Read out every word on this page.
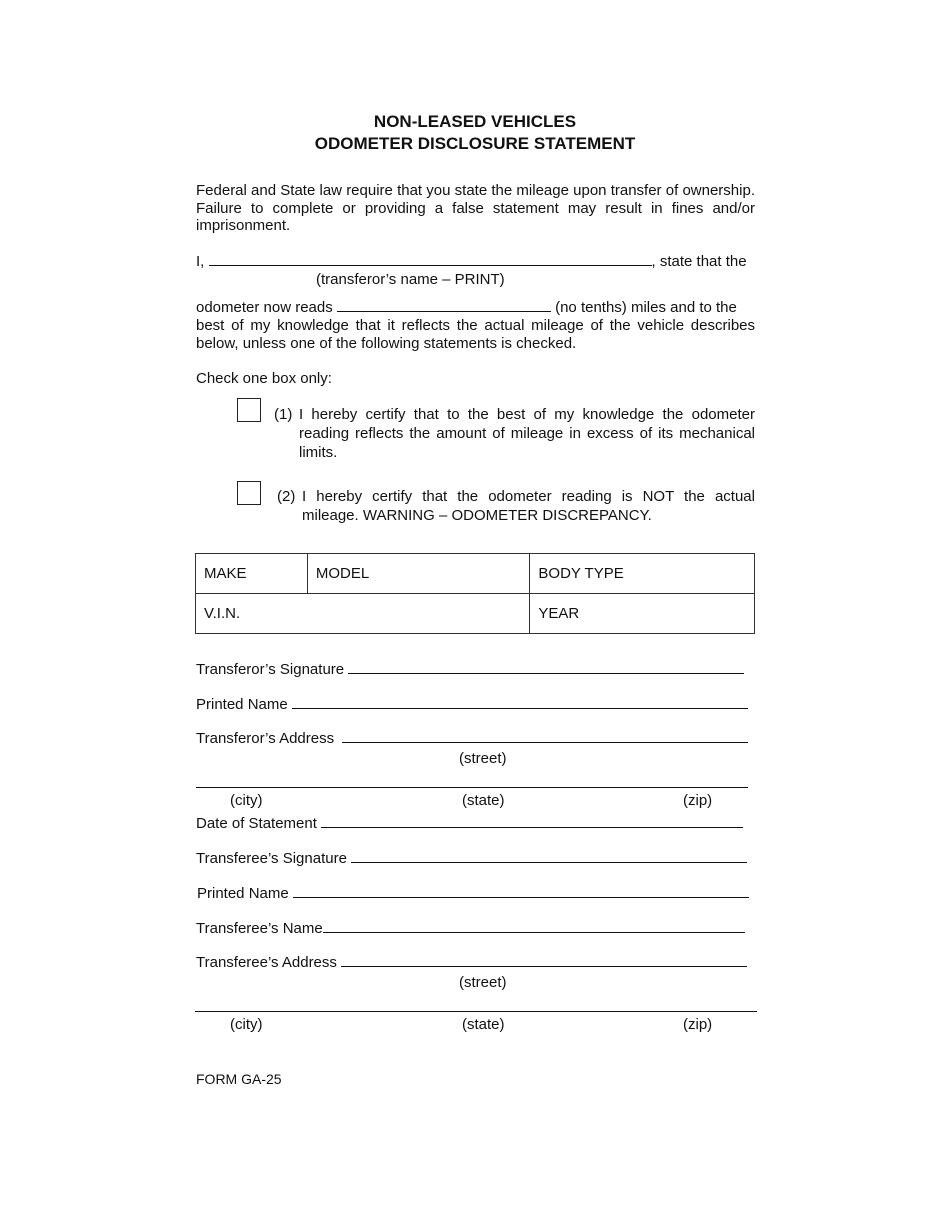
NON-LEASED VEHICLES
ODOMETER DISCLOSURE STATEMENT

Federal and State law require that you state the mileage upon transfer of ownership. Failure to complete or providing a false statement may result in fines and/or imprisonment.

I,	, state that the
(transferor’s name – PRINT)
odometer now reads	(no tenths) miles and to the

best of my knowledge that it reflects the actual mileage of the vehicle describes below, unless one of the following statements is checked.

Check one box only:
(1) I hereby certify that to the best of my knowledge the odometer reading reflects the amount of mileage in excess of its mechanical limits.

(2) I hereby certify that the odometer reading is NOT the actual mileage. WARNING – ODOMETER DISCREPANCY.

MAKE	MODEL	BODY TYPE
V.I.N.		YEAR
Transferor’s Signature
Printed Name
Transferor’s Address
(street)
(city)	(state)	(zip)
Date of Statement
Transferee’s Signature
Printed Name
Transferee’s Name
Transferee’s Address
(street)
(city)	(state)	(zip)
FORM GA-25
